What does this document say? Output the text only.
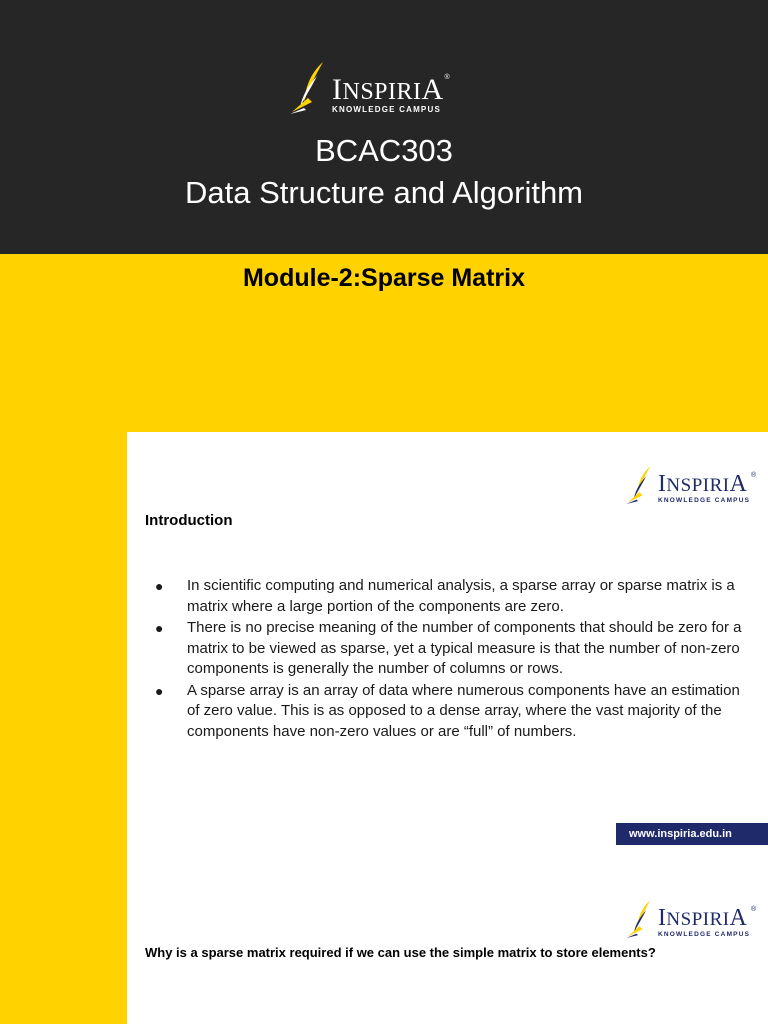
INSPIRIA
KNOWLEDGE CAMPUS
®
BCAC303
Data Structure and Algorithm
Module-2:Sparse Matrix
INSPIRIA
KNOWLEDGE CAMPUS
®
Introduction
● In scientific computing and numerical analysis, a sparse array or sparse matrix is a matrix where a large portion of the components are zero.
● There is no precise meaning of the number of components that should be zero for a matrix to be viewed as sparse, yet a typical measure is that the number of non-zero components is generally the number of columns or rows.
● A sparse array is an array of data where numerous components have an estimation of zero value. This is as opposed to a dense array, where the vast majority of the components have non-zero values or are “full” of numbers.
www.inspiria.edu.in
INSPIRIA
KNOWLEDGE CAMPUS
®

Why is a sparse matrix required if we can use the simple matrix to store elements?
